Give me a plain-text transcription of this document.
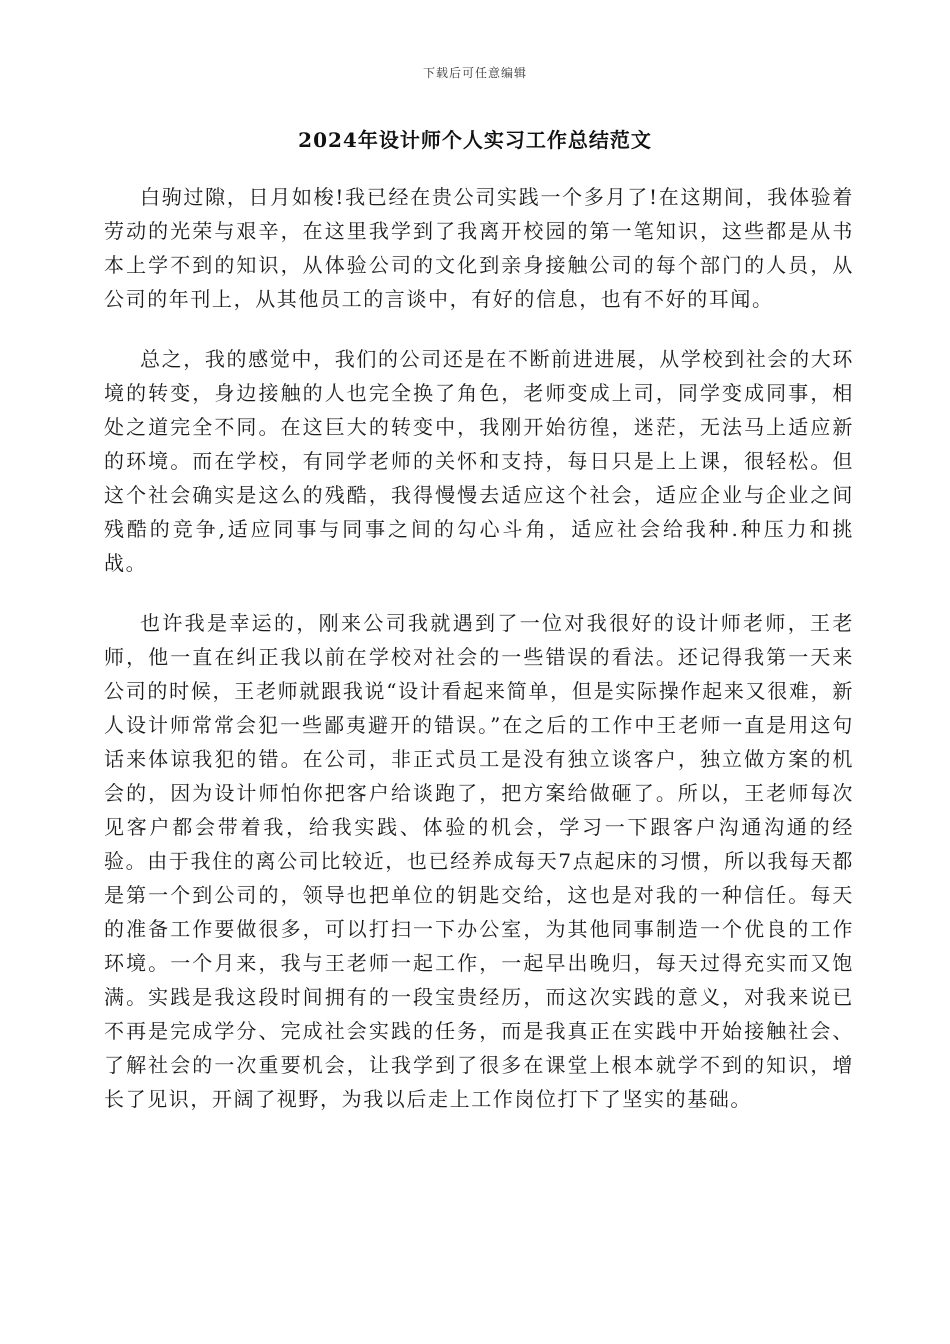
下载后可任意编辑
2024年设计师个人实习工作总结范文

白驹过隙，日月如梭!我已经在贵公司实践一个多月了!在这期间，我体验着劳动的光荣与艰辛，在这里我学到了我离开校园的第一笔知识，这些都是从书本上学不到的知识，从体验公司的文化到亲身接触公司的每个部门的人员，从公司的年刊上，从其他员工的言谈中，有好的信息，也有不好的耳闻。

总之，我的感觉中，我们的公司还是在不断前进进展，从学校到社会的大环境的转变，身边接触的人也完全换了角色，老师变成上司，同学变成同事，相处之道完全不同。在这巨大的转变中，我刚开始彷徨，迷茫，无法马上适应新的环境。而在学校，有同学老师的关怀和支持，每日只是上上课，很轻松。但这个社会确实是这么的残酷，我得慢慢去适应这个社会，适应企业与企业之间残酷的竞争,适应同事与同事之间的勾心斗角，适应社会给我种.种压力和挑战。

也许我是幸运的，刚来公司我就遇到了一位对我很好的设计师老师，王老师，他一直在纠正我以前在学校对社会的一些错误的看法。还记得我第一天来公司的时候，王老师就跟我说“设计看起来简单，但是实际操作起来又很难，新人设计师常常会犯一些鄙夷避开的错误。”在之后的工作中王老师一直是用这句话来体谅我犯的错。在公司，非正式员工是没有独立谈客户，独立做方案的机会的，因为设计师怕你把客户给谈跑了，把方案给做砸了。所以，王老师每次见客户都会带着我，给我实践、体验的机会，学习一下跟客户沟通沟通的经验。由于我住的离公司比较近，也已经养成每天7点起床的习惯，所以我每天都是第一个到公司的，领导也把单位的钥匙交给，这也是对我的一种信任。每天的准备工作要做很多，可以打扫一下办公室，为其他同事制造一个优良的工作环境。一个月来，我与王老师一起工作，一起早出晚归，每天过得充实而又饱满。实践是我这段时间拥有的一段宝贵经历，而这次实践的意义，对我来说已不再是完成学分、完成社会实践的任务，而是我真正在实践中开始接触社会、了解社会的一次重要机会，让我学到了很多在课堂上根本就学不到的知识，增长了见识，开阔了视野，为我以后走上工作岗位打下了坚实的基础。
